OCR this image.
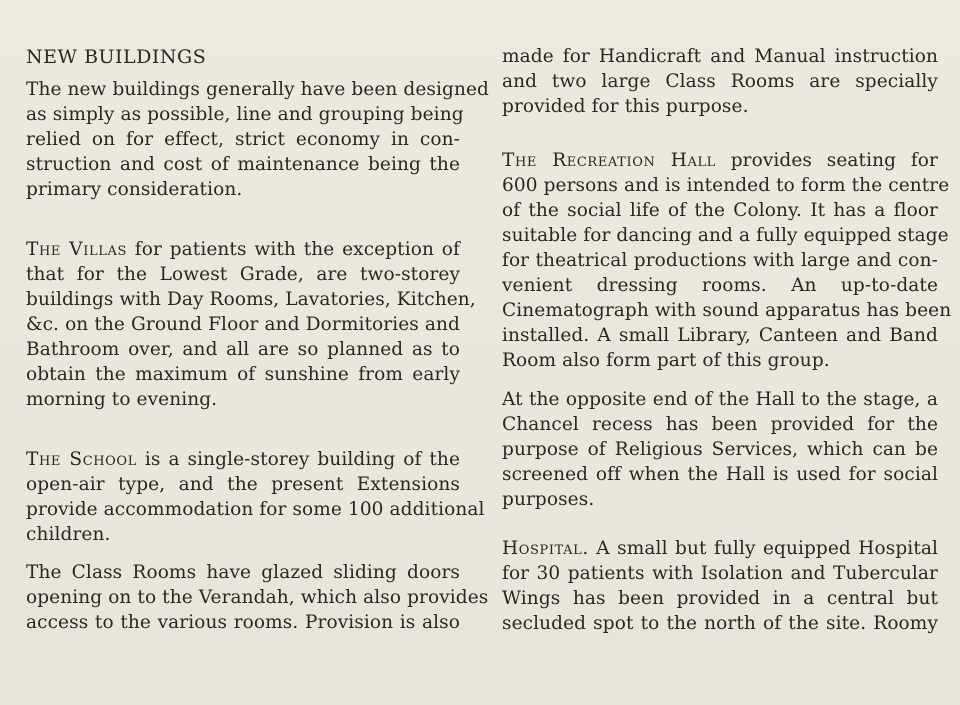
NEW BUILDINGS
The new buildings generally have been designed
as simply as possible, line and grouping being
relied on for effect, strict economy in con-
struction and cost of maintenance being the
primary consideration.
The Villas for patients with the exception of
that for the Lowest Grade, are two-storey
buildings with Day Rooms, Lavatories, Kitchen,
&c. on the Ground Floor and Dormitories and
Bathroom over, and all are so planned as to
obtain the maximum of sunshine from early
morning to evening.
The School is a single-storey building of the
open-air type, and the present Extensions
provide accommodation for some 100 additional
children.
The Class Rooms have glazed sliding doors
opening on to the Verandah, which also provides
access to the various rooms. Provision is also
made for Handicraft and Manual instruction
and two large Class Rooms are specially
provided for this purpose.
The Recreation Hall provides seating for
600 persons and is intended to form the centre
of the social life of the Colony. It has a floor
suitable for dancing and a fully equipped stage
for theatrical productions with large and con-
venient dressing rooms. An up-to-date
Cinematograph with sound apparatus has been
installed. A small Library, Canteen and Band
Room also form part of this group.
At the opposite end of the Hall to the stage, a
Chancel recess has been provided for the
purpose of Religious Services, which can be
screened off when the Hall is used for social
purposes.
Hospital. A small but fully equipped Hospital
for 30 patients with Isolation and Tubercular
Wings has been provided in a central but
secluded spot to the north of the site. Roomy
